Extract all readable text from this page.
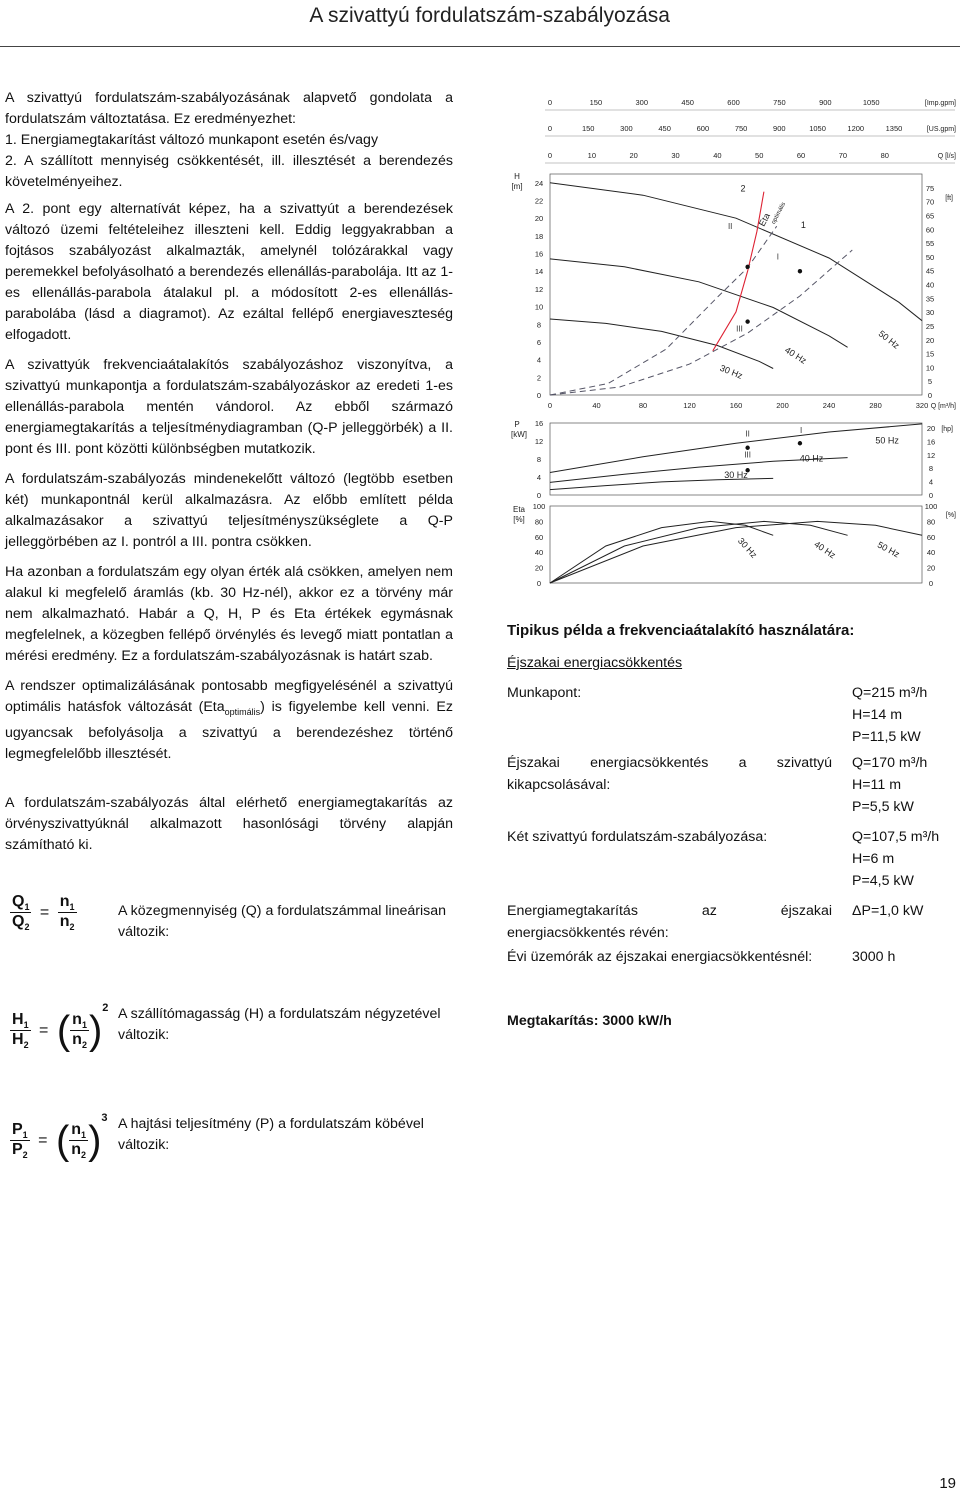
A szivattyú fordulatszám-szabályozása

A szivattyú fordulatszám-szabályozásának alapvető gondolata a fordulatszám változtatása. Ez eredményezhet:
1. Energiamegtakarítást változó munkapont esetén és/vagy
2. A szállított mennyiség csökkentését, ill. illesztését a berendezés követelményeihez.

A 2. pont egy alternatívát képez, ha a szivattyút a berendezések változó üzemi feltételeihez illeszteni kell. Eddig leggyakrabban a fojtásos szabályozást alkalmazták, amelynél tolózárakkal vagy peremekkel befolyásolható a berendezés ellenállás-parabolája. Itt az 1-es ellenállás-parabola átalakul pl. a módosított 2-es ellenállás-parabolába (lásd a diagramot). Az ezáltal fellépő energiaveszteség elfogadott.

A szivattyúk frekvenciaátalakítós szabályozáshoz viszonyítva, a szivattyú munkapontja a fordulatszám-szabályozáskor az eredeti 1-es ellenállás-parabola mentén vándorol. Az ebből származó energiamegtakarítás a teljesítménydiagramban (Q-P jelleggörbék) a II. pont és III. pont közötti különbségben mutatkozik.

A fordulatszám-szabályozás mindenekelőtt változó (legtöbb esetben két) munkapontnál kerül alkalmazásra. Az előbb említett példa alkalmazásakor a szivattyú teljesítményszükséglete a Q-P jelleggörbében az I. pontról a III. pontra csökken.

Ha azonban a fordulatszám egy olyan érték alá csökken, amelyen nem alakul ki megfelelő áramlás (kb. 30 Hz-nél), akkor ez a törvény már nem alkalmazható. Habár a Q, H, P és Eta értékek egymásnak megfelelnek, a közegben fellépő örvénylés és levegő miatt pontatlan a mérési eredmény. Ez a fordulatszám-szabályozásnak is határt szab.

A rendszer optimalizálásának pontosabb megfigyelésénél a szivattyú optimális hatásfok változását (Eta$_{optimális}$) is figyelembe kell venni. Ez ugyancsak befolyásolja a szivattyú a berendezéshez történő legmegfelelőbb illesztését.

A fordulatszám-szabályozás által elérhető energiamegtakarítás az örvényszivattyúknál alkalmazott hasonlósági törvény alapján számítható ki.

$\frac{Q_1}{Q_2} = \frac{n_1}{n_2}$	A közegmennyiség (Q) a fordulatszámmal lineárisan változik:
$\frac{H_1}{H_2}$ = ( $\frac{n_1}{n_2} )^2$ A szállítómagasság (H) a fordulatszám négyzetével változik:
$\frac{P_1}{P_2}$ = ( $\frac{n_1}{n_2} )^3$ A hajtási teljesítmény (P) a fordulatszám köbével változik:
0	150	300	450	600	750	900	1050	[Imp.gpm]
0	150	300	450	600	750	900	1050	1200	1350	[US.gpm]
0	10	20	30	40	50	60	70	80	Q [l/s]
H
[m] 24
22
20
18
16
14
12
10
8
6
4
2
0
75
70
65
60
55
50
45
40
35
30
25
20
15
10
5
0
[ft]
1
2
Eta
optimális
50 Hz
40 Hz
30 Hz
I
II
III
0	40	80	120	160	200	240	280	320 Q [m³/h]
P
[kW]
16
12
8
4
0
20
16
12
8
4
0
[hp]
50 Hz
40 Hz
30 Hz
I
II
III
Eta
[%]
100
80
60
40
20
0
100
80
60
40
20
0
[%]
50 Hz
40 Hz
30 Hz
Tipikus példa a frekvenciaátalakító használatára:
Éjszakai energiacsökkentés
Munkapont:	Q=215 m³/h
H=14 m
P=11,5 kW
Éjszakai energiacsökkentés a szivattyú kikapcsolásával:
Q=170 m³/h
H=11 m
P=5,5 kW
Két szivattyú fordulatszám-szabályozása:	Q=107,5 m³/h
H=6 m
P=4,5 kW
Energiamegtakarítás az éjszakai energiacsökkentés révén:
ΔP=1,0 kW
Évi üzemórák az éjszakai energiacsökkentésnél:	3000 h
Megtakarítás: 3000 kW/h
19
